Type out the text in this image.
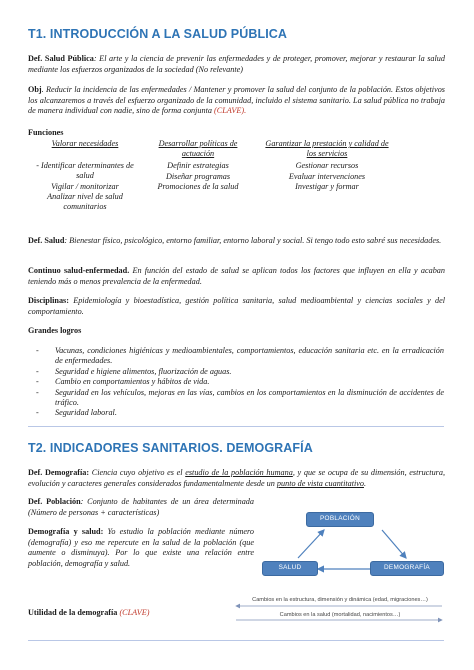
T1. INTRODUCCIÓN A LA SALUD PÚBLICA
Def. Salud Pública: El arte y la ciencia de prevenir las enfermedades y de proteger, promover, mejorar y restaurar la salud mediante los esfuerzos organizados de la sociedad (No relevante)
Obj. Reducir la incidencia de las enfermedades / Mantener y promover la salud del conjunto de la población. Estos objetivos los alcanzaremos a través del esfuerzo organizado de la comunidad, incluido el sistema sanitario. La salud pública no trabaja de manera individual con nadie, sino de forma conjunta (CLAVE).
Funciones
Valorar necesidades
- Identificar determinantes de salud
Vigilar / monitorizar
Analizar nivel de salud comunitarios
Desarrollar políticas de actuación
Definir estrategias
Diseñar programas
Promociones de la salud
Garantizar la prestación y calidad de los servicios
Gestionar recursos
Evaluar intervenciones
Investigar y formar
Def. Salud: Bienestar físico, psicológico, entorno familiar, entorno laboral y social. Si tengo todo esto sabré sus necesidades.
Continuo salud-enfermedad. En función del estado de salud se aplican todos los factores que influyen en ella y acaban teniendo más o menos prevalencia de la enfermedad.
Disciplinas: Epidemiología y bioestadística, gestión política sanitaria, salud medioambiental y ciencias sociales y del comportamiento.
Grandes logros
- Vacunas, condiciones higiénicas y medioambientales, comportamientos, educación sanitaria etc. en la erradicación de enfermedades.
- Seguridad e higiene alimentos, fluorización de aguas.
- Cambio en comportamientos y hábitos de vida.
- Seguridad en los vehículos, mejoras en las vías, cambios en los comportamientos en la disminución de accidentes de tráfico.
- Seguridad laboral.
T2. INDICADORES SANITARIOS. DEMOGRAFÍA
Def. Demografía: Ciencia cuyo objetivo es el estudio de la población humana, y que se ocupa de su dimensión, estructura, evolución y caracteres generales considerados fundamentalmente desde un punto de vista cuantitativo.
Def. Población: Conjunto de habitantes de un área determinada (Número de personas + características)
Demografía y salud: Yo estudio la población mediante número (demografía) y eso me repercute en la salud de la población (que aumente o disminuya). Por lo que existe una relación entre población, demografía y salud.
POBLACIÓN
SALUD	DEMOGRAFÍA
Cambios en la estructura, dimensión y dinámica (edad, migraciones…)
Cambios en la salud (mortalidad, nacimientos…)
Utilidad de la demografía (CLAVE)
